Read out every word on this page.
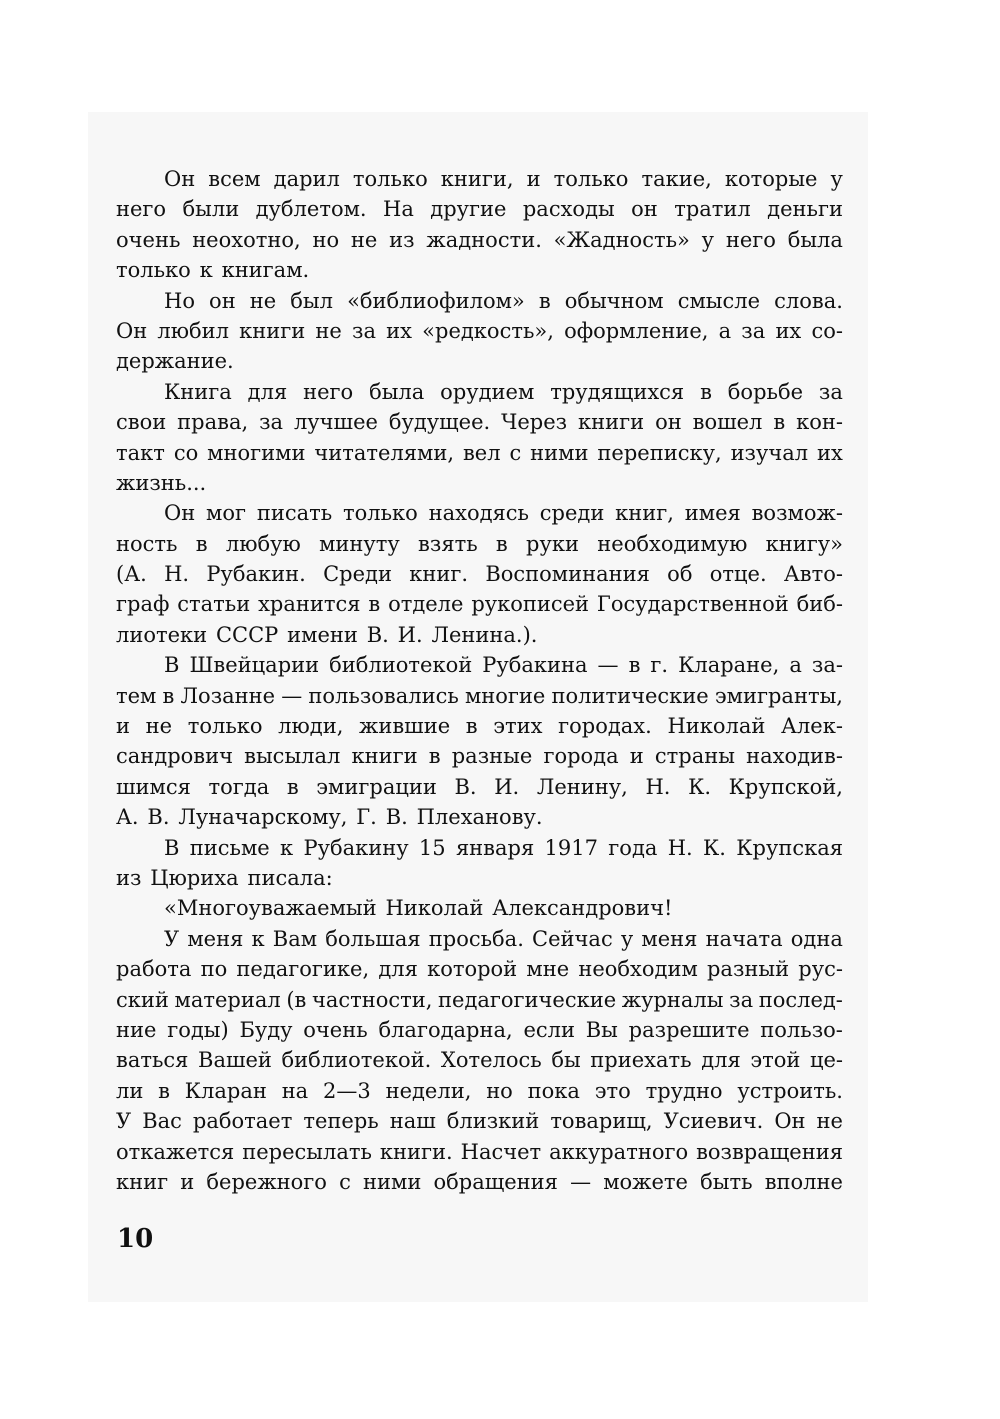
Он всем дарил только книги, и только такие, которые у
него были дублетом. На другие расходы он тратил деньги
очень неохотно, но не из жадности. «Жадность» у него была
только к книгам.
Но он не был «библиофилом» в обычном смысле слова.
Он любил книги не за их «редкость», оформление, а за их со-
держание.
Книга для него была орудием трудящихся в борьбе за
свои права, за лучшее будущее. Через книги он вошел в кон-
такт со многими читателями, вел с ними переписку, изучал их
жизнь...
Он мог писать только находясь среди книг, имея возмож-
ность в любую минуту взять в руки необходимую книгу»
(А. Н. Рубакин. Среди книг. Воспоминания об отце. Авто-
граф статьи хранится в отделе рукописей Государственной биб-
лиотеки СССР имени В. И. Ленина.).
В Швейцарии библиотекой Рубакина — в г. Кларане, а за-
тем в Лозанне — пользовались многие политические эмигранты,
и не только люди, жившие в этих городах. Николай Алек-
сандрович высылал книги в разные города и страны находив-
шимся тогда в эмиграции В. И. Ленину, Н. К. Крупской,
А. В. Луначарскому, Г. В. Плеханову.
В письме к Рубакину 15 января 1917 года Н. К. Крупская
из Цюриха писала:
«Многоуважаемый Николай Александрович!
У меня к Вам большая просьба. Сейчас у меня начата одна
работа по педагогике, для которой мне необходим разный рус-
ский материал (в частности, педагогические журналы за послед-
ние годы) Буду очень благодарна, если Вы разрешите пользо-
ваться Вашей библиотекой. Хотелось бы приехать для этой це-
ли в Кларан на 2—3 недели, но пока это трудно устроить.
У Вас работает теперь наш близкий товарищ, Усиевич. Он не
откажется пересылать книги. Насчет аккуратного возвращения
книг и бережного с ними обращения — можете быть вполне
10
